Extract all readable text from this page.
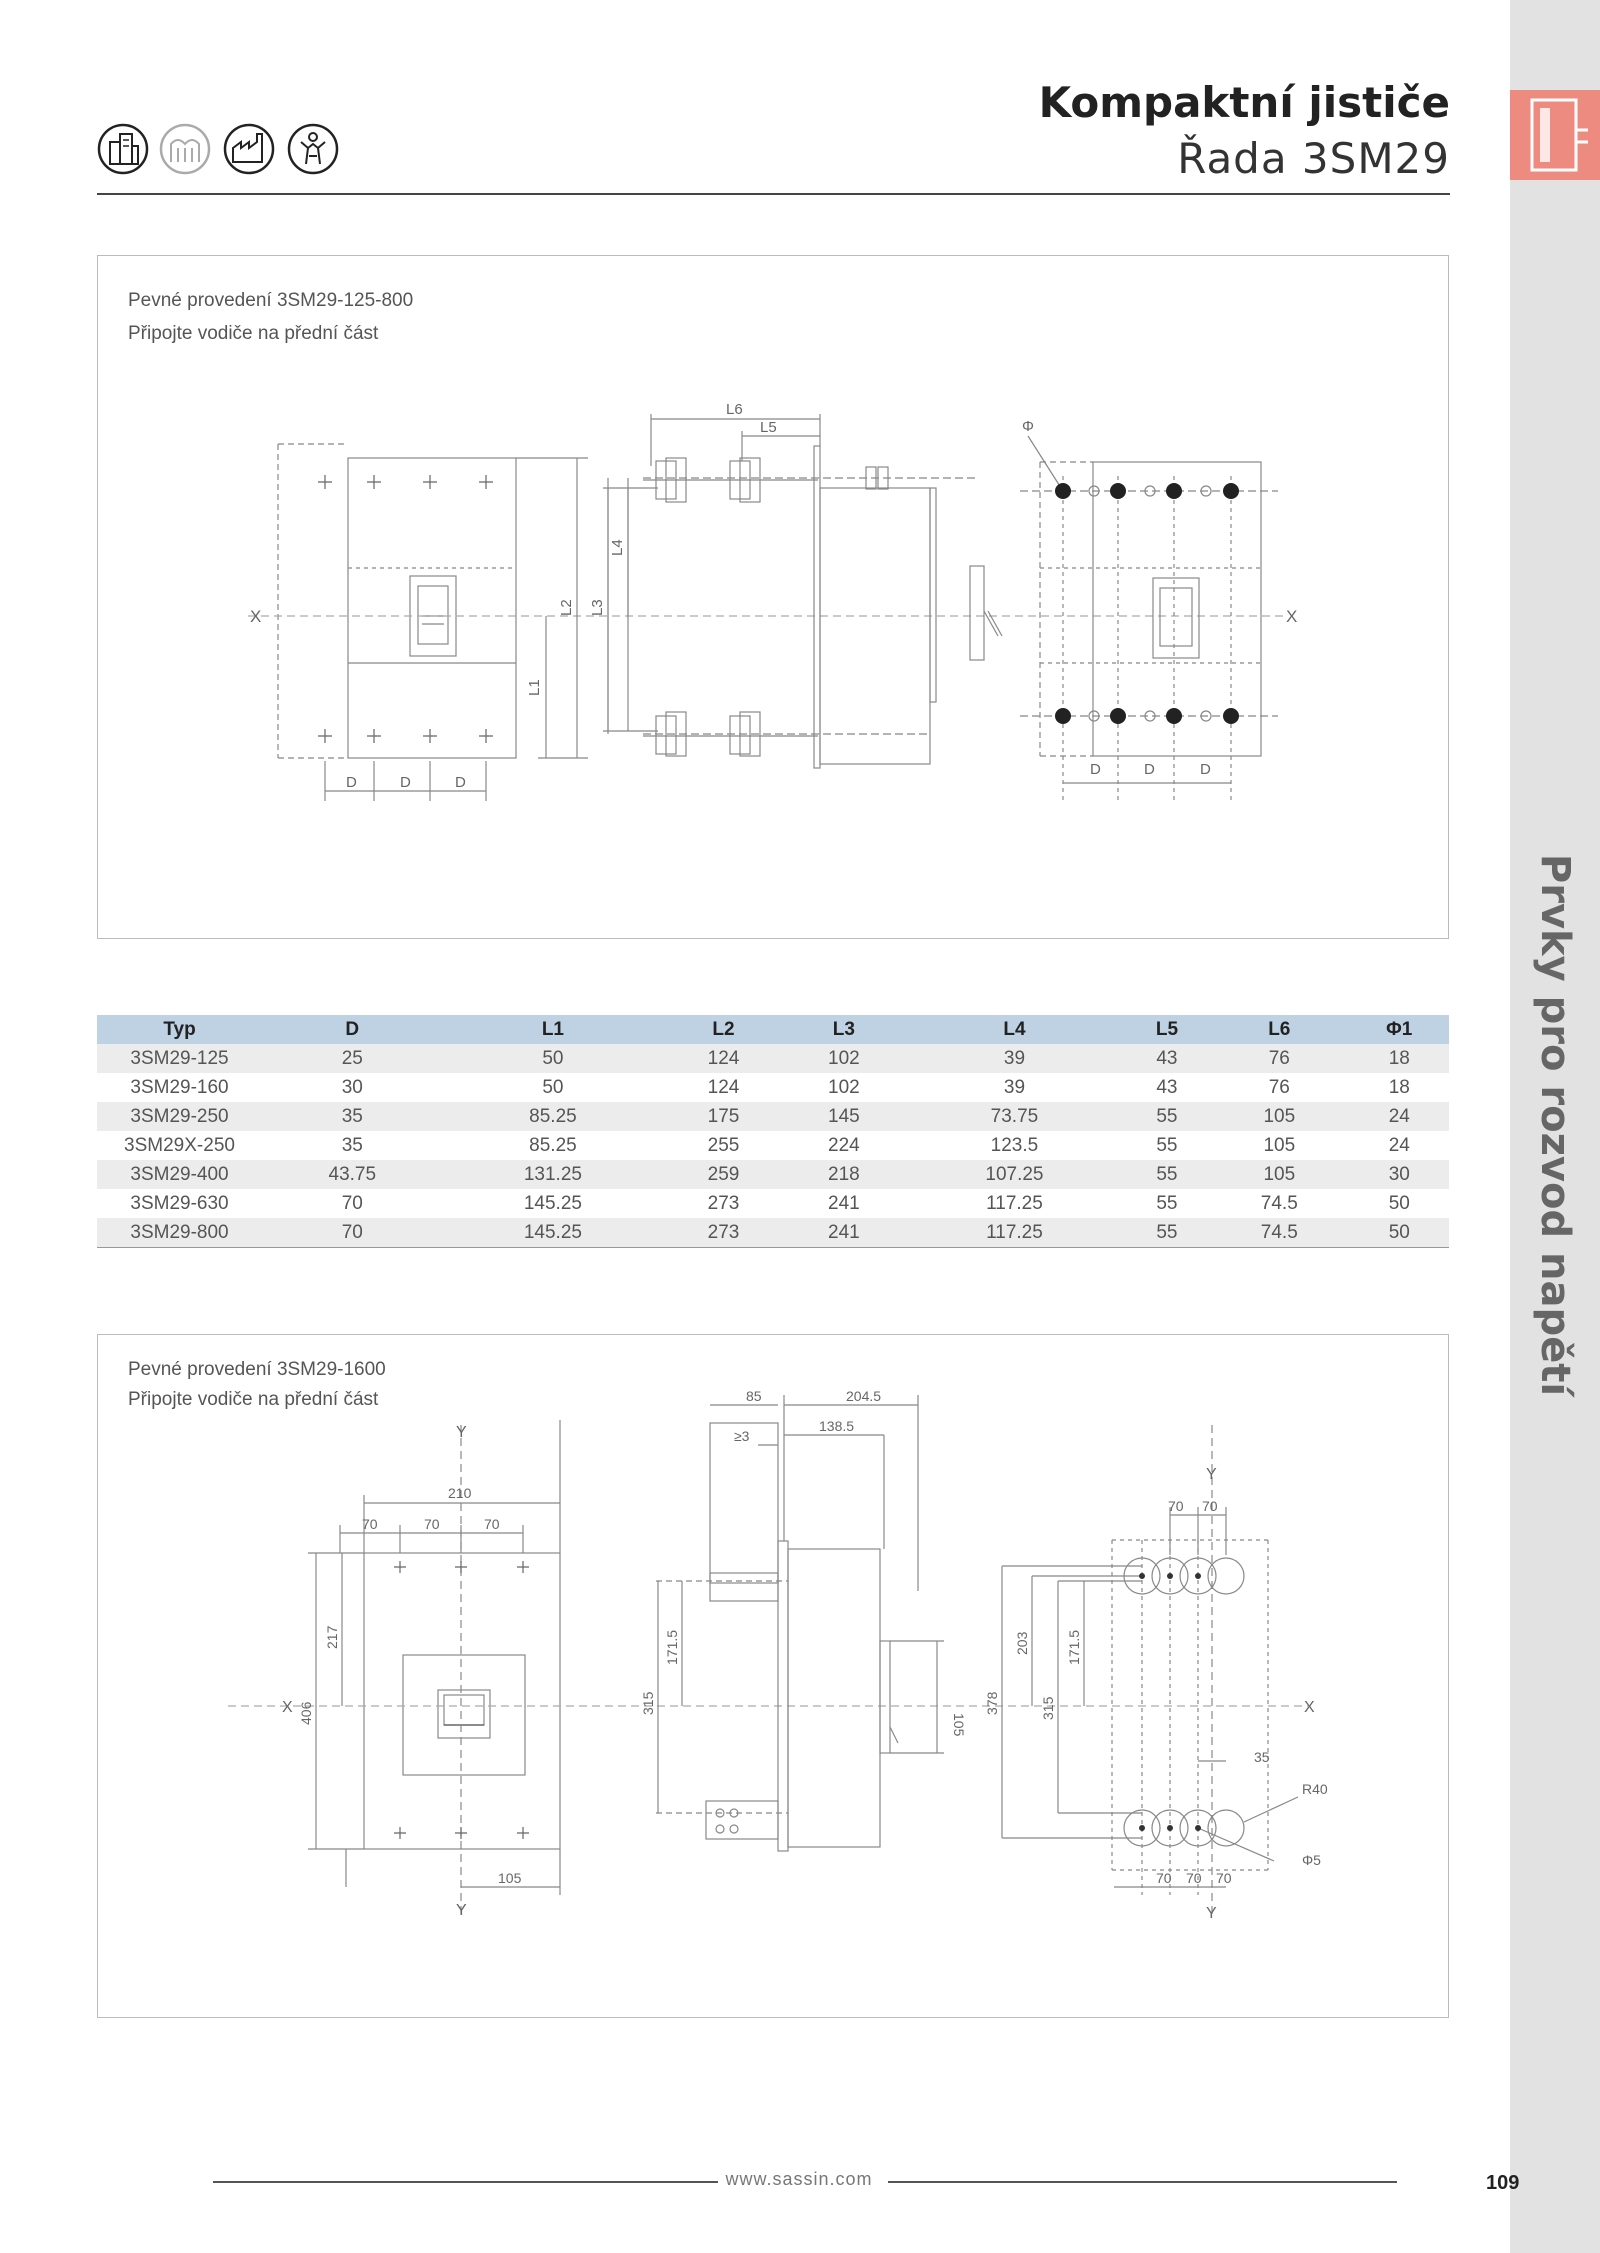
Prvky pro rozvod napětí
Kompaktní jističe
Řada 3SM29
Pevné provedení 3SM29-125-800
Připojte vodiče na přední část
X	X
D	D	D
D	D	D
L1
L2 L3
L4
L6
L5	Φ
Typ	D	L1	L2	L3	L4	L5	L6	Φ1
3SM29-125	25	50	124	102	39	43	76	18
3SM29-160	30	50	124	102	39	43	76	18
3SM29-250	35	85.25	175	145	73.75	55	105	24
3SM29X-250	35	85.25	255	224	123.5	55	105	24
3SM29-400	43.75	131.25	259	218	107.25	55	105	30
3SM29-630	70	145.25	273	241	117.25	55	74.5	50
3SM29-800	70	145.25	273	241	117.25	55	74.5	50
Pevné provedení 3SM29-1600
Připojte vodiče na přední část
X	X
Y
Y
Y
Y
210
70	70	70
217
406
105
85	204.5
138.5
≥3
171.5
315
105
378
203
315
171.5
70 70
35
R40
Φ5
70 70 70
www.sassin.com	109
